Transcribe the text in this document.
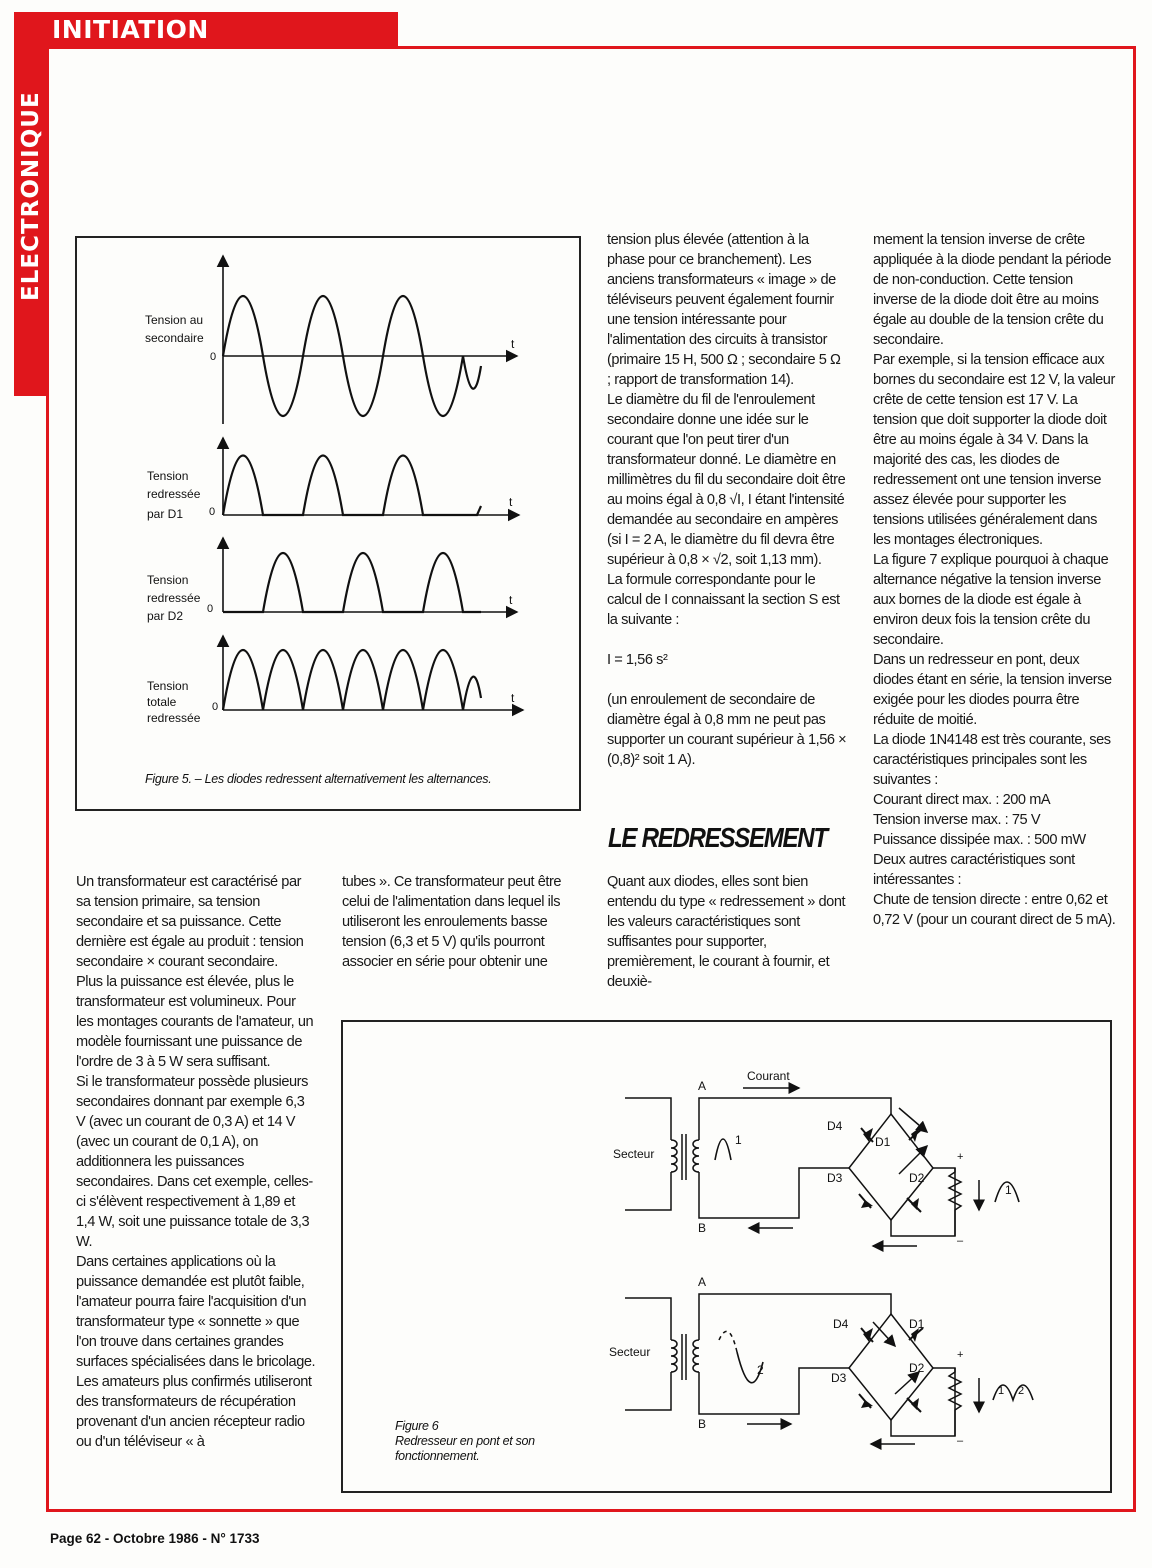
INITIATION
ELECTRONIQUE
Tension au
secondaire
0
t
Tension
redressée
par D1 0
t
Tension
redressée
par D2 0
t
Tension
totale
redressée
0
t
Figure 5. – Les diodes redressent alternativement les alternances.
Courant
A
B
Secteur
D4
D1
D3	D2
+
–
1
1
A
B
Secteur
D4	D1
D3
D2
+
–
2
1 2
Figure 6
Redresseur en pont et son
fonctionnement.

Un transformateur est caractérisé par sa tension primaire, sa tension secondaire et sa puissance. Cette dernière est égale au produit : tension secondaire × courant secondaire.

Plus la puissance est élevée, plus le transformateur est volumineux. Pour les montages courants de l'amateur, un modèle fournissant une puissance de l'ordre de 3 à 5 W sera suffisant.

Si le transformateur possède plusieurs secondaires donnant par exemple 6,3 V (avec un courant de 0,3 A) et 14 V (avec un courant de 0,1 A), on additionnera les puissances secondaires. Dans cet exemple, celles-ci s'élèvent respectivement à 1,89 et 1,4 W, soit une puissance totale de 3,3 W.

Dans certaines applications où la puissance demandée est plutôt faible, l'amateur pourra faire l'acquisition d'un transformateur type « sonnette » que l'on trouve dans certaines grandes surfaces spécialisées dans le bricolage.

Les amateurs plus confirmés utiliseront des transformateurs de récupération provenant d'un ancien récepteur radio ou d'un téléviseur « à

tubes ». Ce transformateur peut être celui de l'alimentation dans lequel ils utiliseront les enroulements basse tension (6,3 et 5 V) qu'ils pourront associer en série pour obtenir une

tension plus élevée (attention à la phase pour ce branchement). Les anciens transformateurs « image » de téléviseurs peuvent également fournir une tension intéressante pour l'alimentation des circuits à transistor (primaire 15 H, 500 Ω ; secondaire 5 Ω ; rapport de transformation 14).

Le diamètre du fil de l'enroulement secondaire donne une idée sur le courant que l'on peut tirer d'un transformateur donné. Le diamètre en millimètres du fil du secondaire doit être au moins égal à 0,8 √I, I étant l'intensité demandée au secondaire en ampères (si I = 2 A, le diamètre du fil devra être supérieur à 0,8 × √2, soit 1,13 mm).

La formule correspondante pour le calcul de I connaissant la section S est la suivante :

I = 1,56 s²

(un enroulement de secondaire de diamètre égal à 0,8 mm ne peut pas supporter un courant supérieur à 1,56 × (0,8)² soit 1 A).

LE REDRESSEMENT

Quant aux diodes, elles sont bien entendu du type « redressement » dont les valeurs caractéristiques sont suffisantes pour supporter, premièrement, le courant à fournir, et deuxiè-

mement la tension inverse de crête appliquée à la diode pendant la période de non-conduction. Cette tension inverse de la diode doit être au moins égale au double de la tension crête du secondaire.

Par exemple, si la tension efficace aux bornes du secondaire est 12 V, la valeur crête de cette tension est 17 V. La tension que doit supporter la diode doit être au moins égale à 34 V. Dans la majorité des cas, les diodes de redressement ont une tension inverse assez élevée pour supporter les tensions utilisées généralement dans les montages électroniques.

La figure 7 explique pourquoi à chaque alternance négative la tension inverse aux bornes de la diode est égale à environ deux fois la tension crête du secondaire.

Dans un redresseur en pont, deux diodes étant en série, la tension inverse exigée pour les diodes pourra être réduite de moitié.

La diode 1N4148 est très courante, ses caractéristiques principales sont les suivantes :

Courant direct max. : 200 mA

Tension inverse max. : 75 V

Puissance dissipée max. : 500 mW

Deux autres caractéristiques sont intéressantes :

Chute de tension directe : entre 0,62 et 0,72 V (pour un courant direct de 5 mA).

Page 62 - Octobre 1986 - N° 1733
